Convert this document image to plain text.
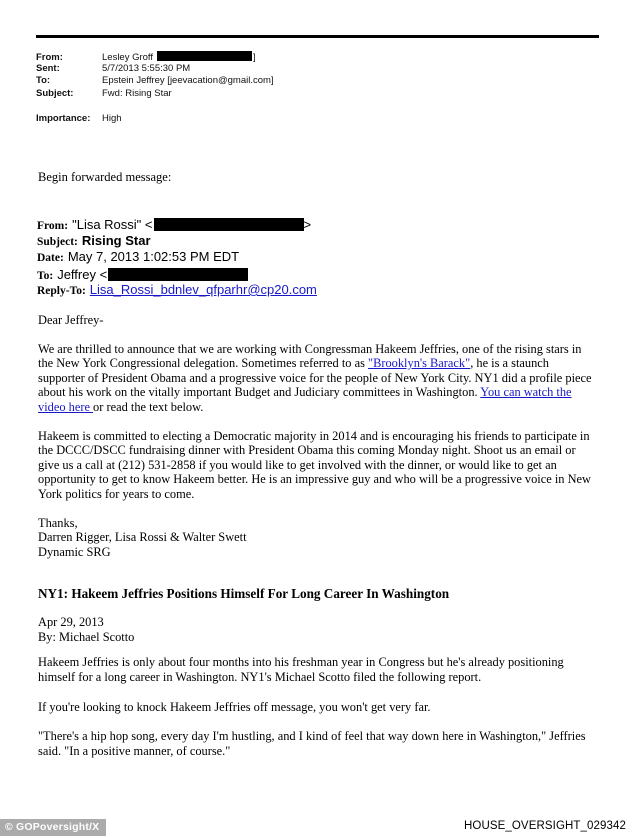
From:	Lesley Groff	]
Sent:	5/7/2013 5:55:30 PM
To:	Epstein Jeffrey [jeevacation@gmail.com]
Subject:	Fwd: Rising Star
Importance:	High
Begin forwarded message:
From: "Lisa Rossi" <	>
Subject: Rising Star
Date: May 7, 2013 1:02:53 PM EDT
To: Jeffrey <
Reply-To: Lisa_Rossi_bdnlev_qfparhr@cp20.com

Dear Jeffrey-

We are thrilled to announce that we are working with Congressman Hakeem Jeffries, one of the rising stars in the New York Congressional delegation. Sometimes referred to as "Brooklyn's Barack", he is a staunch supporter of President Obama and a progressive voice for the people of New York City. NY1 did a profile piece about his work on the vitally important Budget and Judiciary committees in Washington. You can watch the video here or read the text below.

Hakeem is committed to electing a Democratic majority in 2014 and is encouraging his friends to participate in the DCCC/DSCC fundraising dinner with President Obama this coming Monday night. Shoot us an email or give us a call at (212) 531-2858 if you would like to get involved with the dinner, or would like to get an opportunity to get to know Hakeem better. He is an impressive guy and who will be a progressive voice in New York politics for years to come.

Thanks,
Darren Rigger, Lisa Rossi & Walter Swett
Dynamic SRG
NY1: Hakeem Jeffries Positions Himself For Long Career In Washington
Apr 29, 2013
By: Michael Scotto

Hakeem Jeffries is only about four months into his freshman year in Congress but he's already positioning himself for a long career in Washington. NY1's Michael Scotto filed the following report.

If you're looking to knock Hakeem Jeffries off message, you won't get very far.

"There's a hip hop song, every day I'm hustling, and I kind of feel that way down here in Washington," Jeffries said. "In a positive manner, of course."

© GOPoversight/X	HOUSE_OVERSIGHT_029342
